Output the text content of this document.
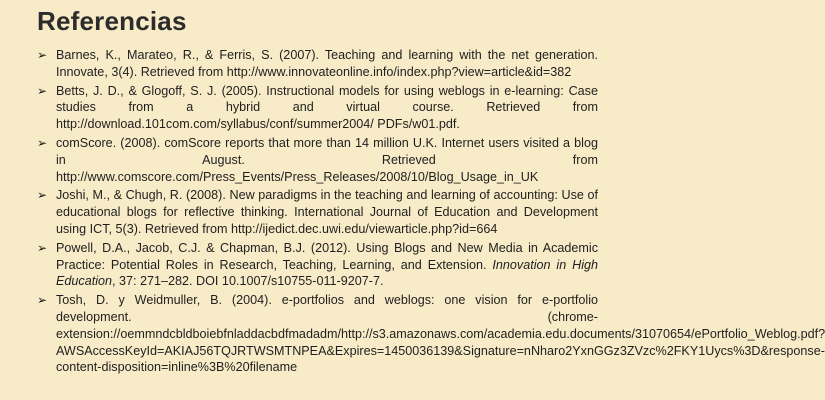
Referencias
➢ Barnes, K., Marateo, R., & Ferris, S. (2007). Teaching and learning with the net generation. Innovate, 3(4). Retrieved from http://www.innovateonline.info/index.php?view=article&id=382
➢ Betts, J. D., & Glogoff, S. J. (2005). Instructional models for using weblogs in e-learning: Case studies from a hybrid and virtual course. Retrieved from http://download.101com.com/syllabus/conf/summer2004/ PDFs/w01.pdf.
➢ comScore. (2008). comScore reports that more than 14 million U.K. Internet users visited a blog in August. Retrieved from http://www.comscore.com/Press_Events/Press_Releases/2008/10/Blog_Usage_in_UK
➢ Joshi, M., & Chugh, R. (2008). New paradigms in the teaching and learning of accounting: Use of educational blogs for reflective thinking. International Journal of Education and Development using ICT, 5(3). Retrieved from http://ijedict.dec.uwi.edu/viewarticle.php?id=664
➢ Powell, D.A., Jacob, C.J. & Chapman, B.J. (2012). Using Blogs and New Media in Academic Practice: Potential Roles in Research, Teaching, Learning, and Extension. Innovation in High Education, 37: 271–282. DOI 10.1007/s10755-011-9207-7.
➢ Tosh, D. y Weidmuller, B. (2004). e-portfolios and weblogs: one vision for e-portfolio development. (chrome-extension://oemmndcbldboiebfnladdacbdfmadadm/http://s3.amazonaws.com/academia.edu.documents/31070654/ePortfolio_Weblog.pdf?AWSAccessKeyId=AKIAJ56TQJRTWSMTNPEA&Expires=1450036139&Signature=nNharo2YxnGGz3ZVzc%2FKY1Uycs%3D&response-content-disposition=inline%3B%20filename
